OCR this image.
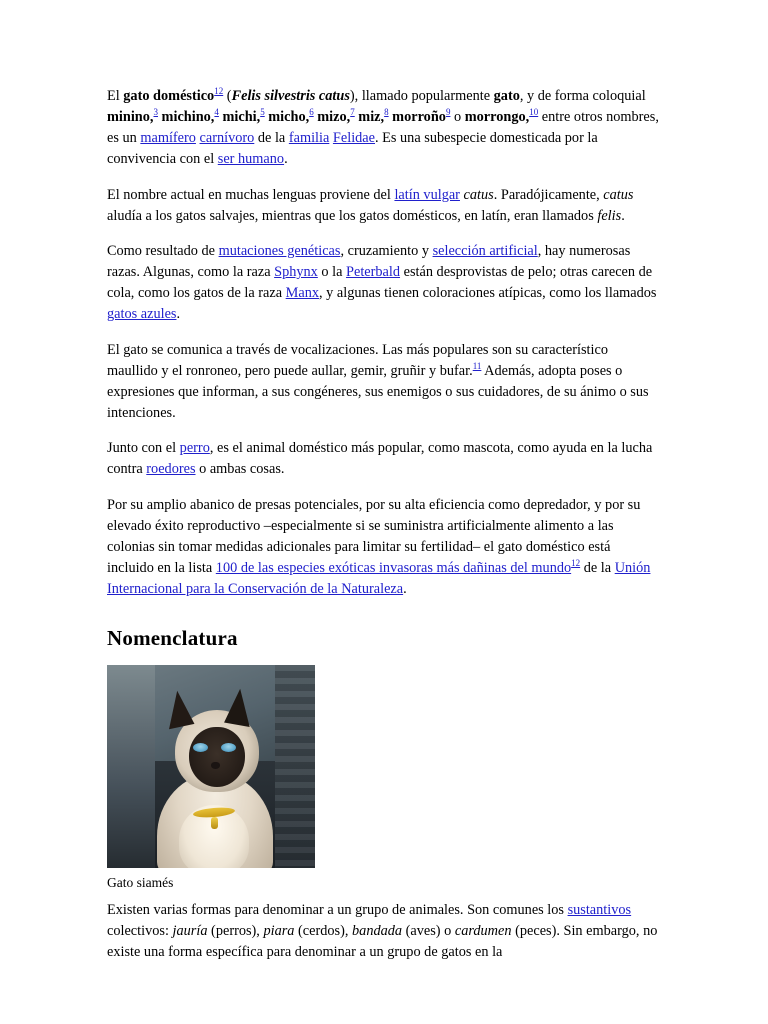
El gato doméstico$^{1​2​}$ (Felis silvestris catus), llamado popularmente gato, y de forma coloquial minino,$^{3​}$ michino,$^{4​}$ michi,$^{5​}$ micho,$^{6​}$ mizo,$^{7​}$ miz,$^{8​}$ morroño$^{9​}$ o morrongo,$^{10​}$ entre otros nombres, es un mamífero carnívoro de la familia Felidae. Es una subespecie domesticada por la convivencia con el ser humano.

El nombre actual en muchas lenguas proviene del latín vulgar catus. Paradójicamente, catus aludía a los gatos salvajes, mientras que los gatos domésticos, en latín, eran llamados felis.

Como resultado de mutaciones genéticas, cruzamiento y selección artificial, hay numerosas razas. Algunas, como la raza Sphynx o la Peterbald están desprovistas de pelo; otras carecen de cola, como los gatos de la raza Manx, y algunas tienen coloraciones atípicas, como los llamados gatos azules.

El gato se comunica a través de vocalizaciones. Las más populares son su característico maullido y el ronroneo, pero puede aullar, gemir, gruñir y bufar.$^{11​}$ Además, adopta poses o expresiones que informan, a sus congéneres, sus enemigos o sus cuidadores, de su ánimo o sus intenciones.

Junto con el perro, es el animal doméstico más popular, como mascota, como ayuda en la lucha contra roedores o ambas cosas.

Por su amplio abanico de presas potenciales, por su alta eficiencia como depredador, y por su elevado éxito reproductivo –especialmente si se suministra artificialmente alimento a las colonias sin tomar medidas adicionales para limitar su fertilidad– el gato doméstico está incluido en la lista 100 de las especies exóticas invasoras más dañinas del mundo$^{12​}$ de la Unión Internacional para la Conservación de la Naturaleza.

Nomenclatura
Gato siamés

Existen varias formas para denominar a un grupo de animales. Son comunes los sustantivos colectivos: jauría (perros), piara (cerdos), bandada (aves) o cardumen (peces). Sin embargo, no existe una forma específica para denominar a un grupo de gatos en la
